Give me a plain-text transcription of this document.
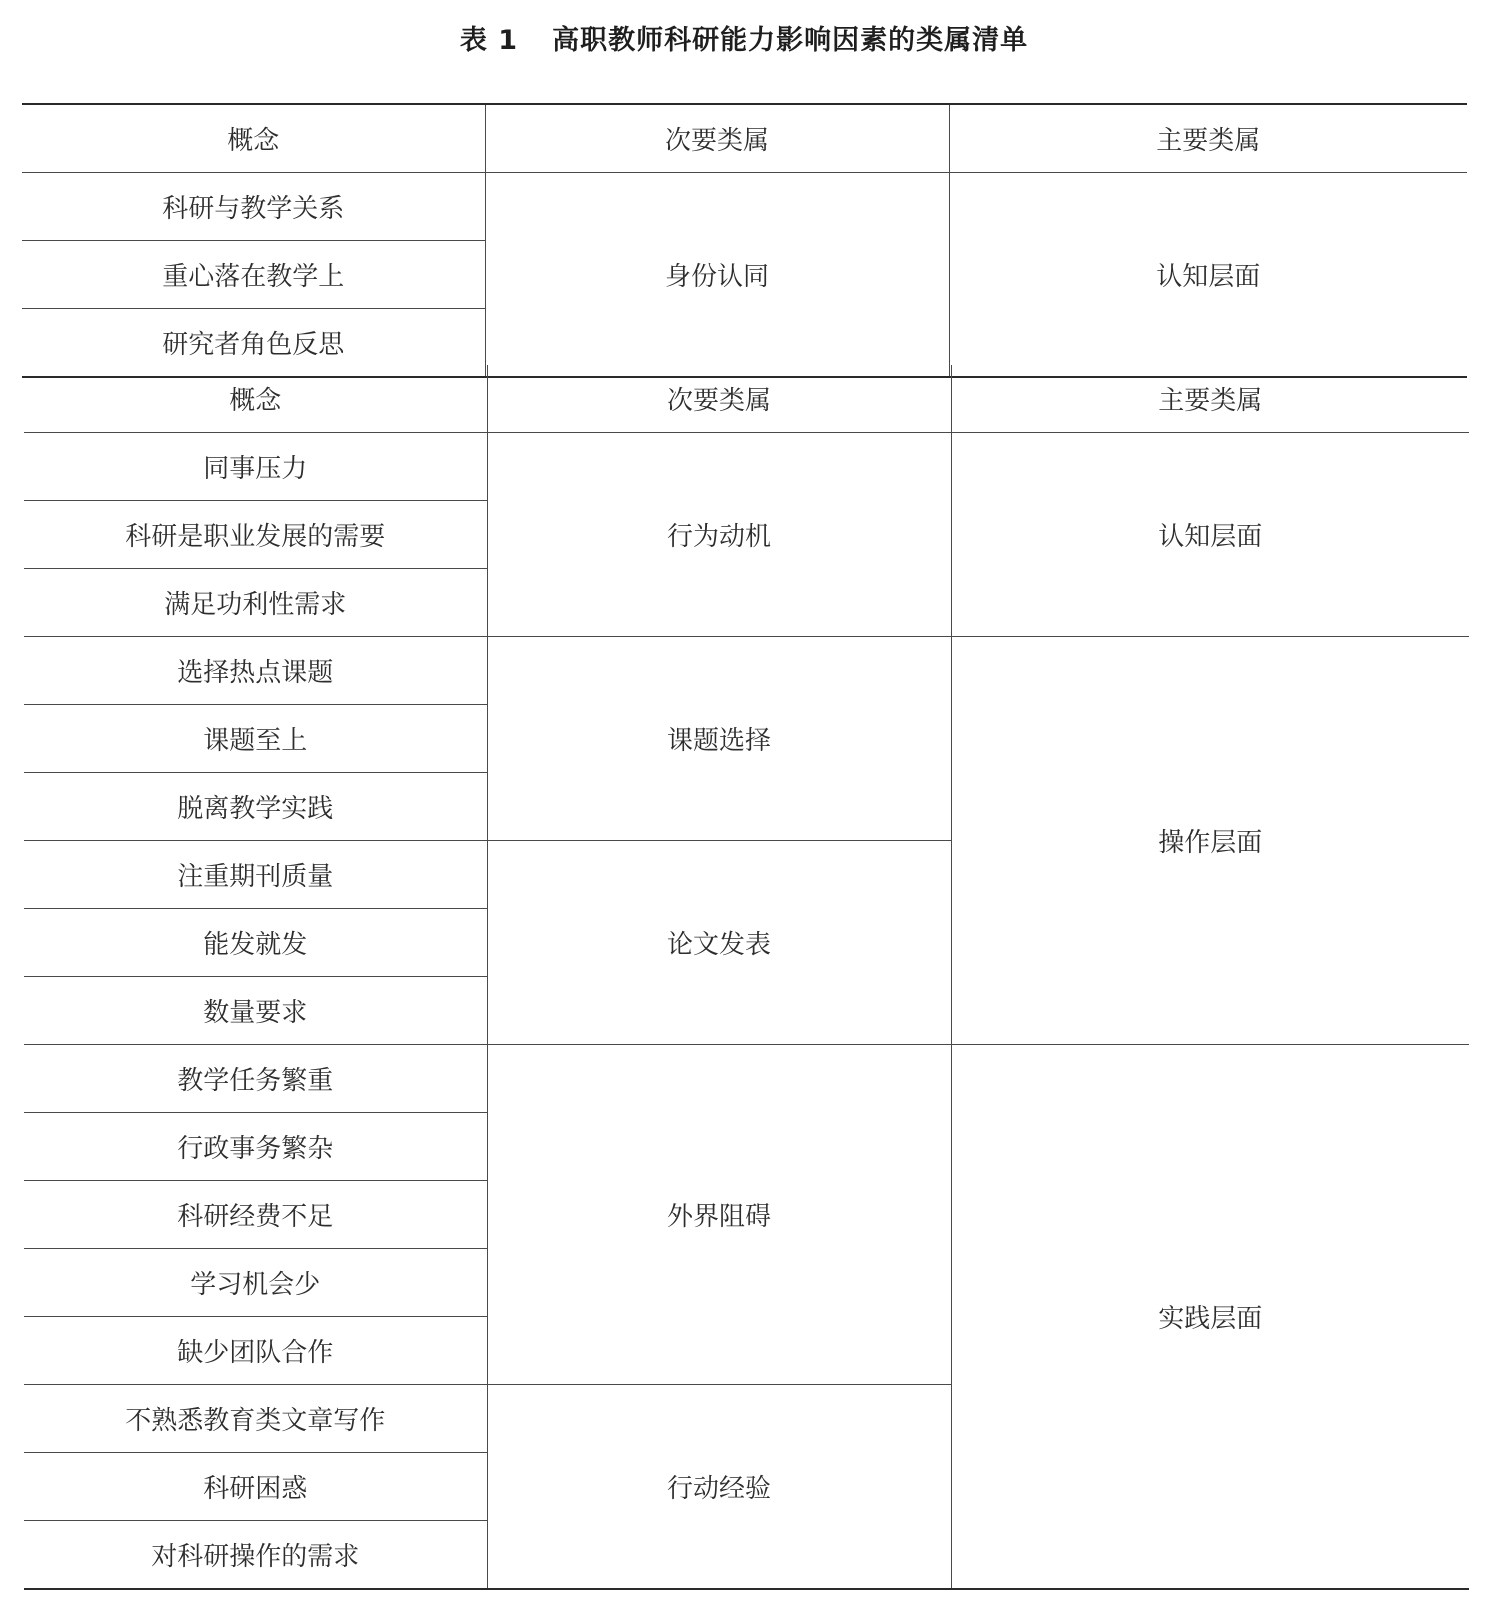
表 1 高职教师科研能力影响因素的类属清单
概念	次要类属	主要类属
科研与教学关系	身份认同	认知层面
重心落在教学上		
研究者角色反思		
概念	次要类属	主要类属
同事压力	行为动机	认知层面
科研是职业发展的需要		
满足功利性需求		
选择热点课题	课题选择	操作层面
课题至上		
脱离教学实践		
注重期刊质量	论文发表	
能发就发		
数量要求		
教学任务繁重	外界阻碍	实践层面
行政事务繁杂		
科研经费不足		
学习机会少		
缺少团队合作		
不熟悉教育类文章写作	行动经验	
科研困惑		
对科研操作的需求		
